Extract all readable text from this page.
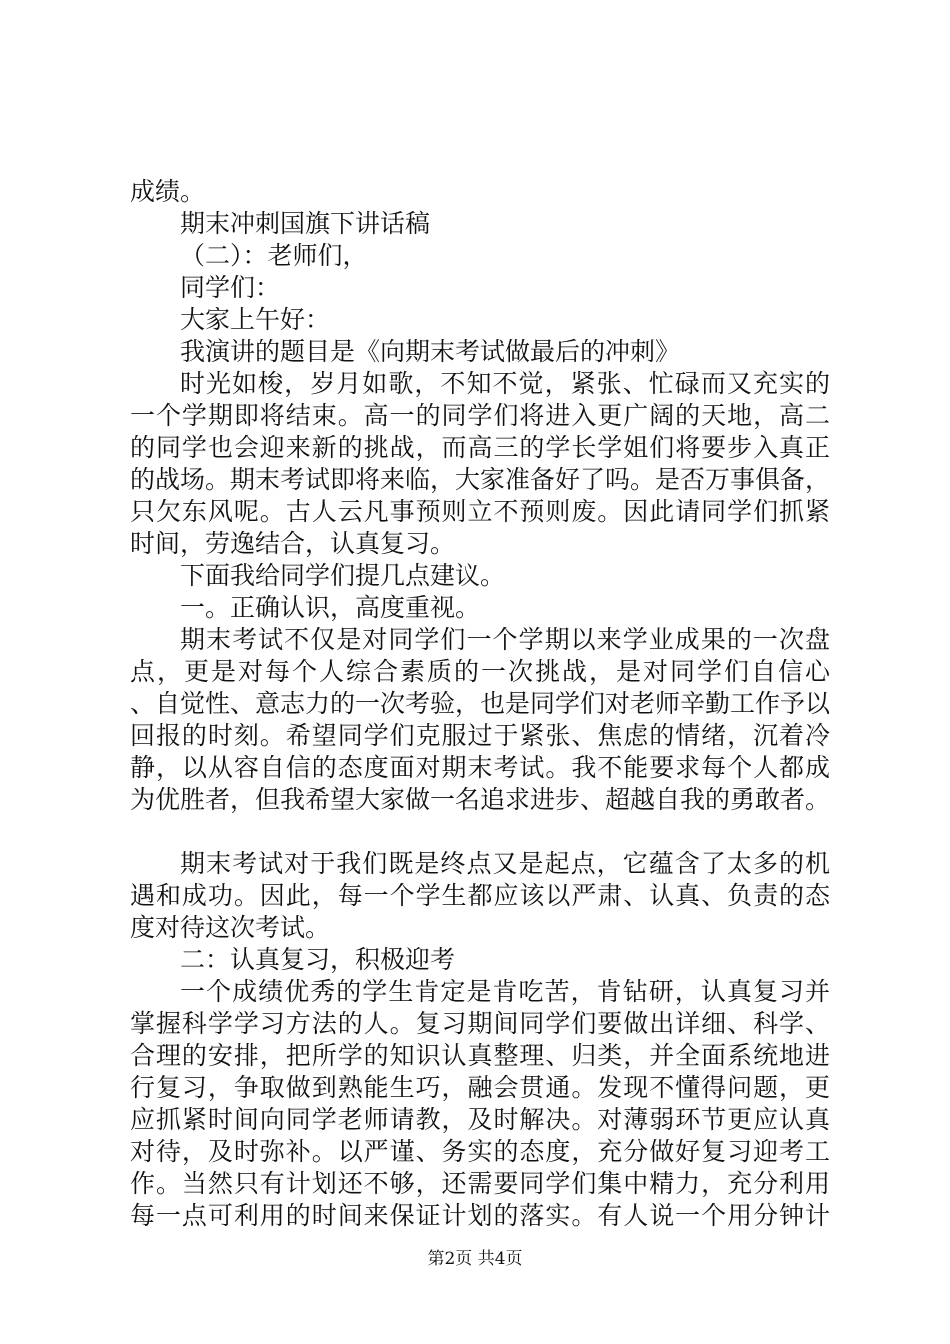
成绩。
期末冲刺国旗下讲话稿
（二）：老师们，
同学们：
大家上午好：
我演讲的题目是《向期末考试做最后的冲刺》
时光如梭，岁月如歌，不知不觉，紧张、忙碌而又充实的
一个学期即将结束。高一的同学们将进入更广阔的天地，高二
的同学也会迎来新的挑战，而高三的学长学姐们将要步入真正
的战场。期末考试即将来临，大家准备好了吗。是否万事俱备，
只欠东风呢。古人云凡事预则立不预则废。因此请同学们抓紧
时间，劳逸结合，认真复习。
下面我给同学们提几点建议。
一。正确认识，高度重视。
期末考试不仅是对同学们一个学期以来学业成果的一次盘
点，更是对每个人综合素质的一次挑战，是对同学们自信心
、自觉性、意志力的一次考验，也是同学们对老师辛勤工作予以
回报的时刻。希望同学们克服过于紧张、焦虑的情绪，沉着冷
静，以从容自信的态度面对期末考试。我不能要求每个人都成
为优胜者，但我希望大家做一名追求进步、超越自我的勇敢者。
期末考试对于我们既是终点又是起点，它蕴含了太多的机
遇和成功。因此，每一个学生都应该以严肃、认真、负责的态
度对待这次考试。
二：认真复习，积极迎考
一个成绩优秀的学生肯定是肯吃苦，肯钻研，认真复习并
掌握科学学习方法的人。复习期间同学们要做出详细、科学、
合理的安排，把所学的知识认真整理、归类，并全面系统地进
行复习，争取做到熟能生巧，融会贯通。发现不懂得问题，更
应抓紧时间向同学老师请教，及时解决。对薄弱环节更应认真
对待，及时弥补。以严谨、务实的态度，充分做好复习迎考工
作。当然只有计划还不够，还需要同学们集中精力，充分利用
每一点可利用的时间来保证计划的落实。有人说一个用分钟计
第2页 共4页
